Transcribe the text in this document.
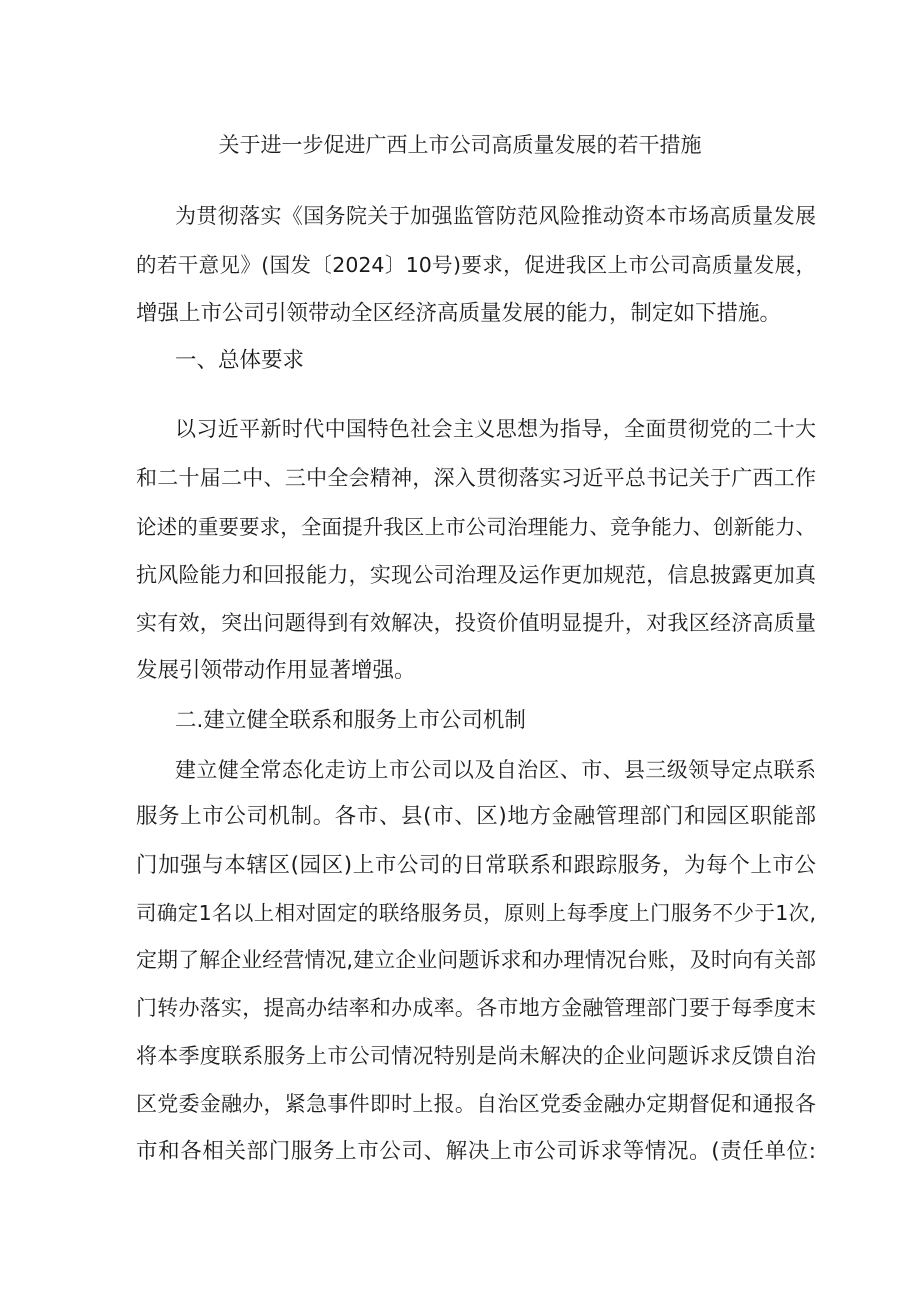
关于进一步促进广西上市公司高质量发展的若干措施

为贯彻落实《国务院关于加强监管防范风险推动资本市场高质量发展

的若干意见》(国发〔2024〕10号)要求，促进我区上市公司高质量发展，

增强上市公司引领带动全区经济高质量发展的能力，制定如下措施。

一、总体要求

以习近平新时代中国特色社会主义思想为指导，全面贯彻党的二十大

和二十届二中、三中全会精神，深入贯彻落实习近平总书记关于广西工作

论述的重要要求，全面提升我区上市公司治理能力、竞争能力、创新能力、

抗风险能力和回报能力，实现公司治理及运作更加规范，信息披露更加真

实有效，突出问题得到有效解决，投资价值明显提升，对我区经济高质量

发展引领带动作用显著增强。

二.建立健全联系和服务上市公司机制

建立健全常态化走访上市公司以及自治区、市、县三级领导定点联系

服务上市公司机制。各市、县(市、区)地方金融管理部门和园区职能部

门加强与本辖区(园区)上市公司的日常联系和跟踪服务，为每个上市公

司确定1名以上相对固定的联络服务员，原则上每季度上门服务不少于1次,

定期了解企业经营情况,建立企业问题诉求和办理情况台账，及时向有关部

门转办落实，提高办结率和办成率。各市地方金融管理部门要于每季度末

将本季度联系服务上市公司情况特别是尚未解决的企业问题诉求反馈自治

区党委金融办，紧急事件即时上报。自治区党委金融办定期督促和通报各

市和各相关部门服务上市公司、解决上市公司诉求等情况。(责任单位:
